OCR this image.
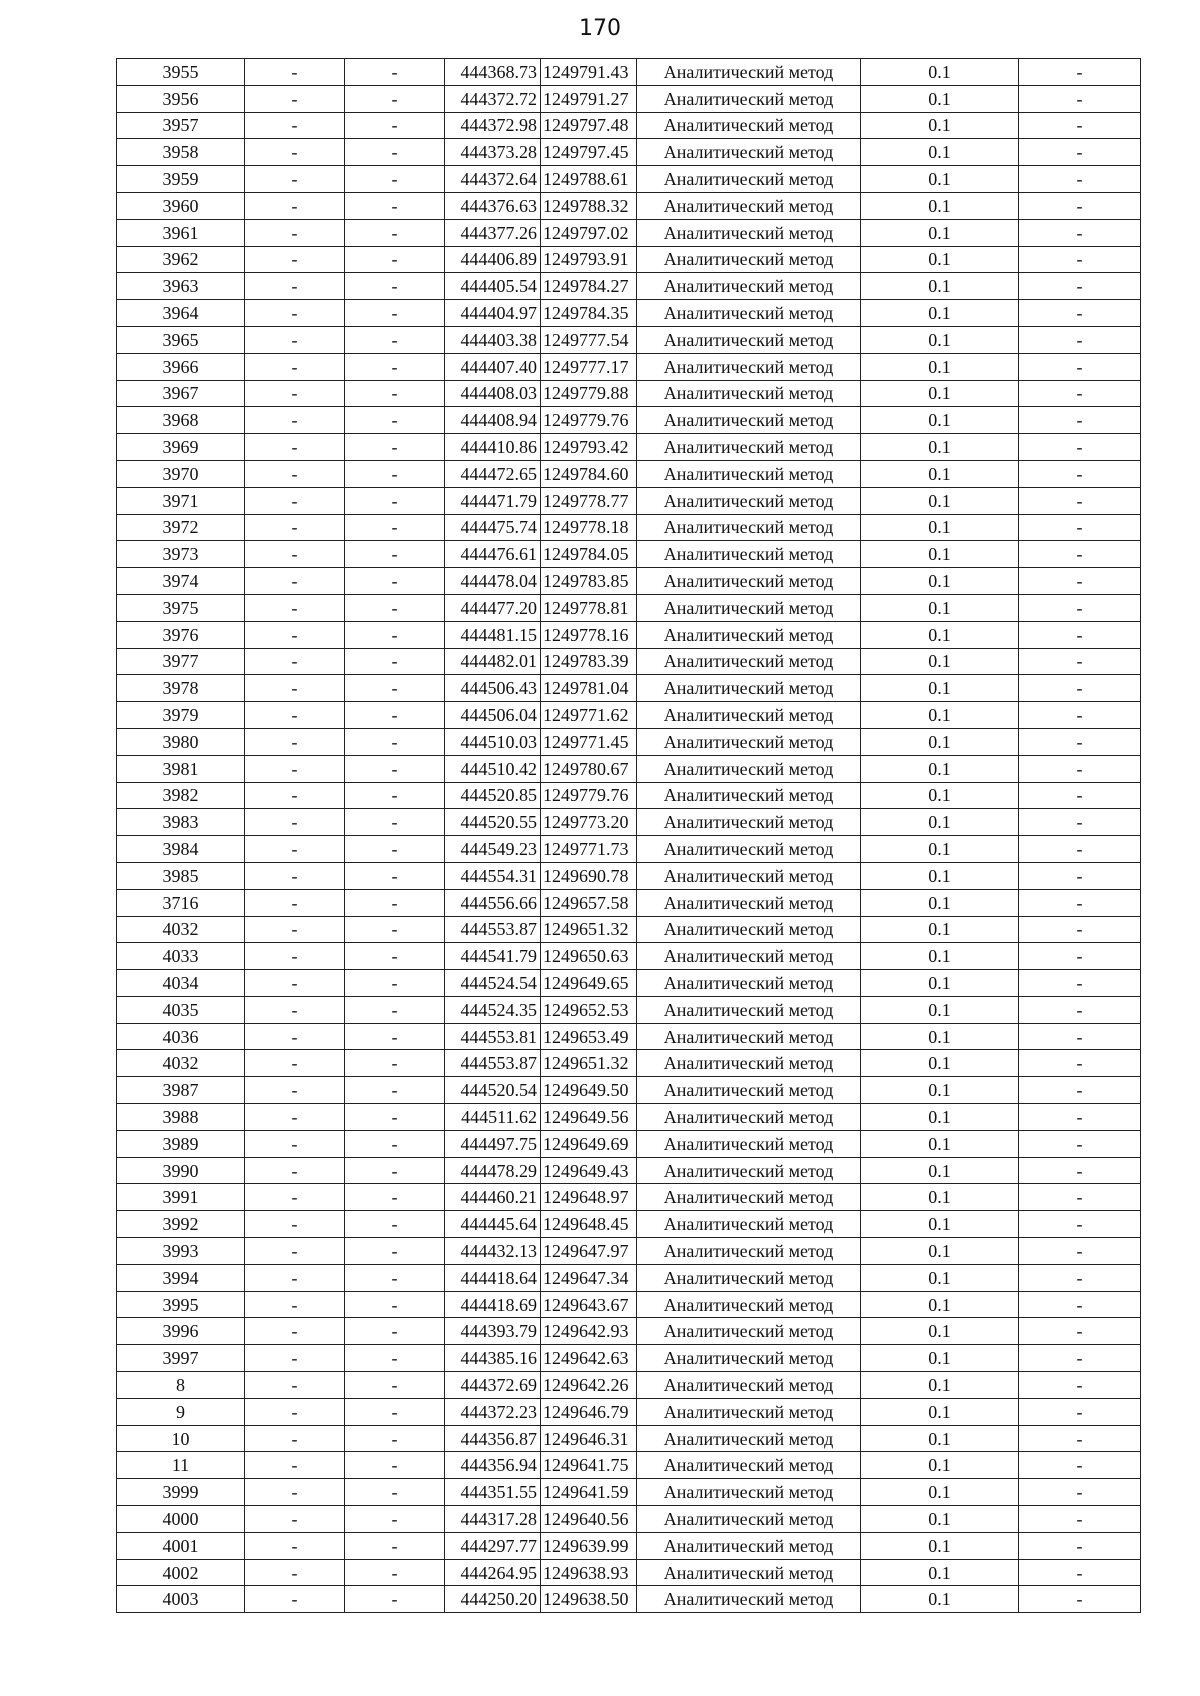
170
3955	-	-	444368.73	1249791.43	Аналитический метод	0.1	-
3956	-	-	444372.72	1249791.27	Аналитический метод	0.1	-
3957	-	-	444372.98	1249797.48	Аналитический метод	0.1	-
3958	-	-	444373.28	1249797.45	Аналитический метод	0.1	-
3959	-	-	444372.64	1249788.61	Аналитический метод	0.1	-
3960	-	-	444376.63	1249788.32	Аналитический метод	0.1	-
3961	-	-	444377.26	1249797.02	Аналитический метод	0.1	-
3962	-	-	444406.89	1249793.91	Аналитический метод	0.1	-
3963	-	-	444405.54	1249784.27	Аналитический метод	0.1	-
3964	-	-	444404.97	1249784.35	Аналитический метод	0.1	-
3965	-	-	444403.38	1249777.54	Аналитический метод	0.1	-
3966	-	-	444407.40	1249777.17	Аналитический метод	0.1	-
3967	-	-	444408.03	1249779.88	Аналитический метод	0.1	-
3968	-	-	444408.94	1249779.76	Аналитический метод	0.1	-
3969	-	-	444410.86	1249793.42	Аналитический метод	0.1	-
3970	-	-	444472.65	1249784.60	Аналитический метод	0.1	-
3971	-	-	444471.79	1249778.77	Аналитический метод	0.1	-
3972	-	-	444475.74	1249778.18	Аналитический метод	0.1	-
3973	-	-	444476.61	1249784.05	Аналитический метод	0.1	-
3974	-	-	444478.04	1249783.85	Аналитический метод	0.1	-
3975	-	-	444477.20	1249778.81	Аналитический метод	0.1	-
3976	-	-	444481.15	1249778.16	Аналитический метод	0.1	-
3977	-	-	444482.01	1249783.39	Аналитический метод	0.1	-
3978	-	-	444506.43	1249781.04	Аналитический метод	0.1	-
3979	-	-	444506.04	1249771.62	Аналитический метод	0.1	-
3980	-	-	444510.03	1249771.45	Аналитический метод	0.1	-
3981	-	-	444510.42	1249780.67	Аналитический метод	0.1	-
3982	-	-	444520.85	1249779.76	Аналитический метод	0.1	-
3983	-	-	444520.55	1249773.20	Аналитический метод	0.1	-
3984	-	-	444549.23	1249771.73	Аналитический метод	0.1	-
3985	-	-	444554.31	1249690.78	Аналитический метод	0.1	-
3716	-	-	444556.66	1249657.58	Аналитический метод	0.1	-
4032	-	-	444553.87	1249651.32	Аналитический метод	0.1	-
4033	-	-	444541.79	1249650.63	Аналитический метод	0.1	-
4034	-	-	444524.54	1249649.65	Аналитический метод	0.1	-
4035	-	-	444524.35	1249652.53	Аналитический метод	0.1	-
4036	-	-	444553.81	1249653.49	Аналитический метод	0.1	-
4032	-	-	444553.87	1249651.32	Аналитический метод	0.1	-
3987	-	-	444520.54	1249649.50	Аналитический метод	0.1	-
3988	-	-	444511.62	1249649.56	Аналитический метод	0.1	-
3989	-	-	444497.75	1249649.69	Аналитический метод	0.1	-
3990	-	-	444478.29	1249649.43	Аналитический метод	0.1	-
3991	-	-	444460.21	1249648.97	Аналитический метод	0.1	-
3992	-	-	444445.64	1249648.45	Аналитический метод	0.1	-
3993	-	-	444432.13	1249647.97	Аналитический метод	0.1	-
3994	-	-	444418.64	1249647.34	Аналитический метод	0.1	-
3995	-	-	444418.69	1249643.67	Аналитический метод	0.1	-
3996	-	-	444393.79	1249642.93	Аналитический метод	0.1	-
3997	-	-	444385.16	1249642.63	Аналитический метод	0.1	-
8	-	-	444372.69	1249642.26	Аналитический метод	0.1	-
9	-	-	444372.23	1249646.79	Аналитический метод	0.1	-
10	-	-	444356.87	1249646.31	Аналитический метод	0.1	-
11	-	-	444356.94	1249641.75	Аналитический метод	0.1	-
3999	-	-	444351.55	1249641.59	Аналитический метод	0.1	-
4000	-	-	444317.28	1249640.56	Аналитический метод	0.1	-
4001	-	-	444297.77	1249639.99	Аналитический метод	0.1	-
4002	-	-	444264.95	1249638.93	Аналитический метод	0.1	-
4003	-	-	444250.20	1249638.50	Аналитический метод	0.1	-
